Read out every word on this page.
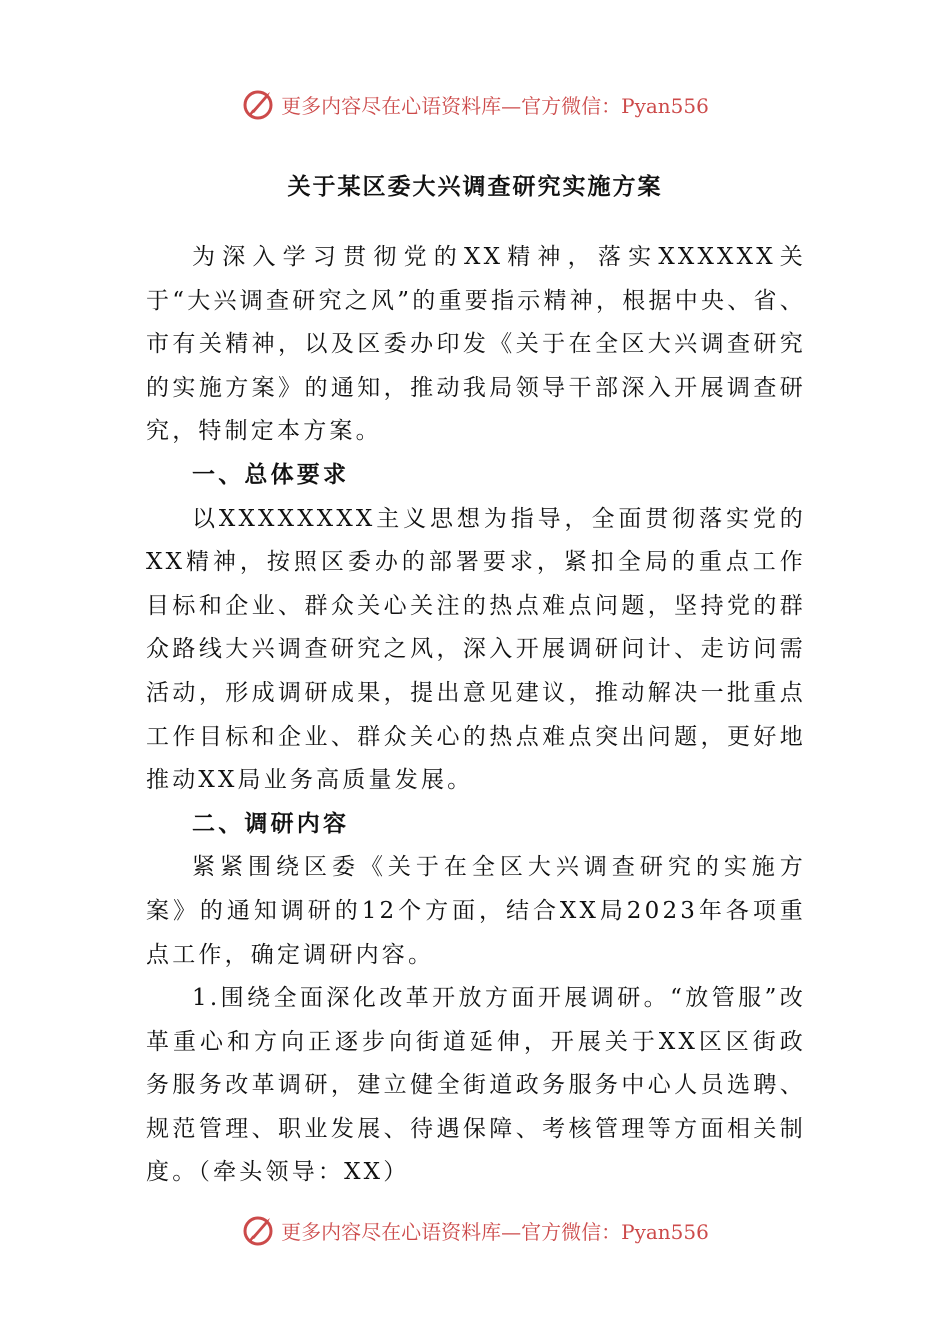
更多内容尽在心语资料库—官方微信：Pyan556
关于某区委大兴调查研究实施方案

为深入学习贯彻党的XX精神，落实XXXXXX关于“大兴调查研究之风”的重要指示精神，根据中央、省、市有关精神，以及区委办印发《关于在全区大兴调查研究的实施方案》的通知，推动我局领导干部深入开展调查研究，特制定本方案。

一、总体要求

以XXXXXXXX主义思想为指导，全面贯彻落实党的XX精神，按照区委办的部署要求，紧扣全局的重点工作目标和企业、群众关心关注的热点难点问题，坚持党的群众路线大兴调查研究之风，深入开展调研问计、走访问需活动，形成调研成果，提出意见建议，推动解决一批重点工作目标和企业、群众关心的热点难点突出问题，更好地推动XX局业务高质量发展。

二、调研内容

紧紧围绕区委《关于在全区大兴调查研究的实施方案》的通知调研的12个方面，结合XX局2023年各项重点工作，确定调研内容。

1.围绕全面深化改革开放方面开展调研。“放管服”改革重心和方向正逐步向街道延伸，开展关于XX区区街政务服务改革调研，建立健全街道政务服务中心人员选聘、规范管理、职业发展、待遇保障、考核管理等方面相关制度。（牵头领导：XX）

更多内容尽在心语资料库—官方微信：Pyan556
